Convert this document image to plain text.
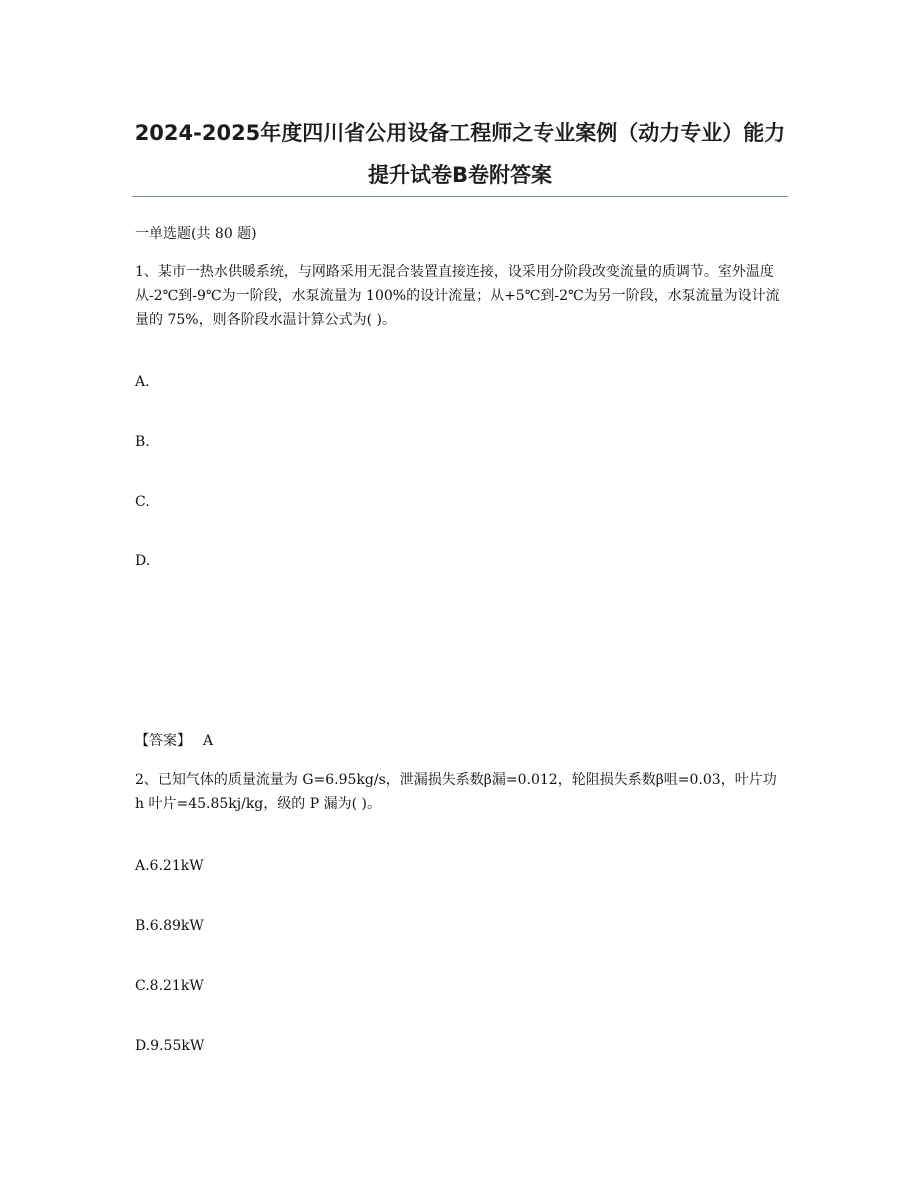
2024-2025年度四川省公用设备工程师之专业案例（动力专业）能力提升试卷B卷附答案

一单选题(共 80 题)

1、某市一热水供暖系统，与网路采用无混合装置直接连接，设采用分阶段改变流量的质调节。室外温度从-2℃到-9℃为一阶段，水泵流量为 100%的设计流量；从+5℃到-2℃为另一阶段，水泵流量为设计流量的 75%，则各阶段水温计算公式为( )。

A.

B.

C.

D.

【答案】 A

2、已知气体的质量流量为 G=6.95kg/s，泄漏损失系数β漏=0.012，轮阻损失系数β咀=0.03，叶片功 h 叶片=45.85kj/kg，级的 P 漏为( )。

A.6.21kW

B.6.89kW

C.8.21kW

D.9.55kW
